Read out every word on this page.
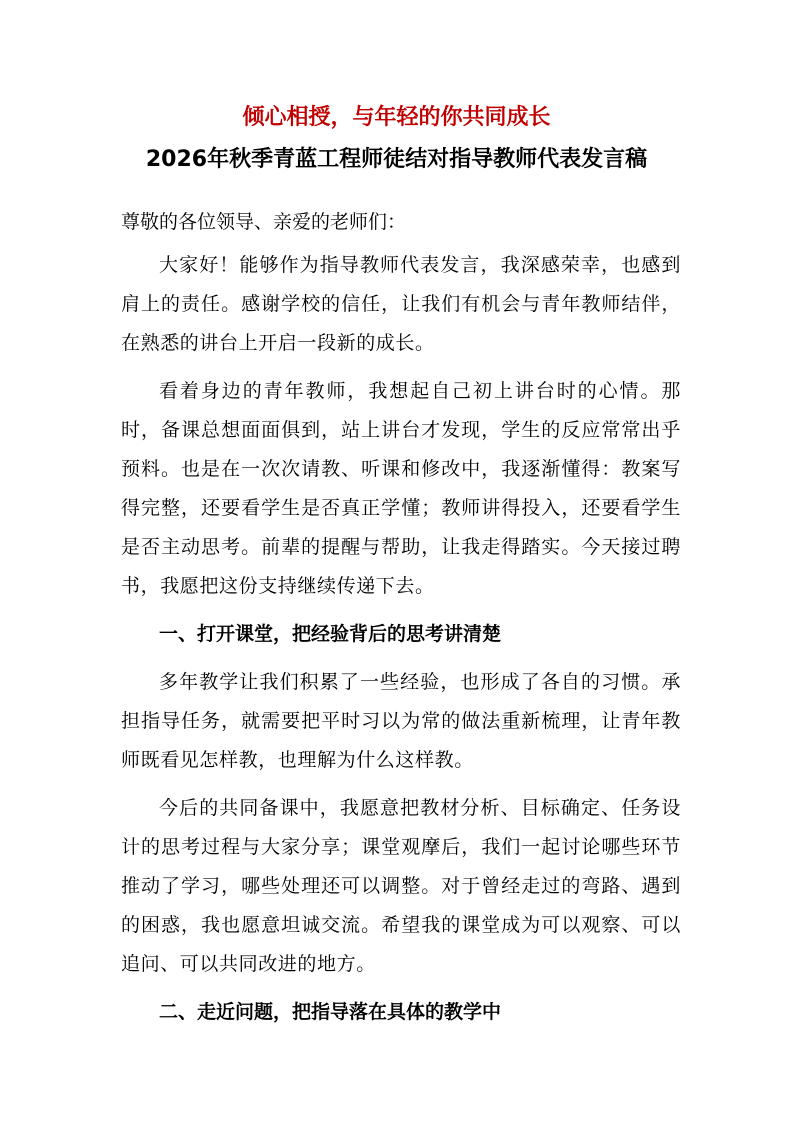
倾心相授，与年轻的你共同成长
2026年秋季青蓝工程师徒结对指导教师代表发言稿
尊敬的各位领导、亲爱的老师们：

大家好！能够作为指导教师代表发言，我深感荣幸，也感到肩上的责任。感谢学校的信任，让我们有机会与青年教师结伴，在熟悉的讲台上开启一段新的成长。

看着身边的青年教师，我想起自己初上讲台时的心情。那时，备课总想面面俱到，站上讲台才发现，学生的反应常常出乎预料。也是在一次次请教、听课和修改中，我逐渐懂得：教案写得完整，还要看学生是否真正学懂；教师讲得投入，还要看学生是否主动思考。前辈的提醒与帮助，让我走得踏实。今天接过聘书，我愿把这份支持继续传递下去。

一、打开课堂，把经验背后的思考讲清楚

多年教学让我们积累了一些经验，也形成了各自的习惯。承担指导任务，就需要把平时习以为常的做法重新梳理，让青年教师既看见怎样教，也理解为什么这样教。

今后的共同备课中，我愿意把教材分析、目标确定、任务设计的思考过程与大家分享；课堂观摩后，我们一起讨论哪些环节推动了学习，哪些处理还可以调整。对于曾经走过的弯路、遇到的困惑，我也愿意坦诚交流。希望我的课堂成为可以观察、可以追问、可以共同改进的地方。

二、走近问题，把指导落在具体的教学中
